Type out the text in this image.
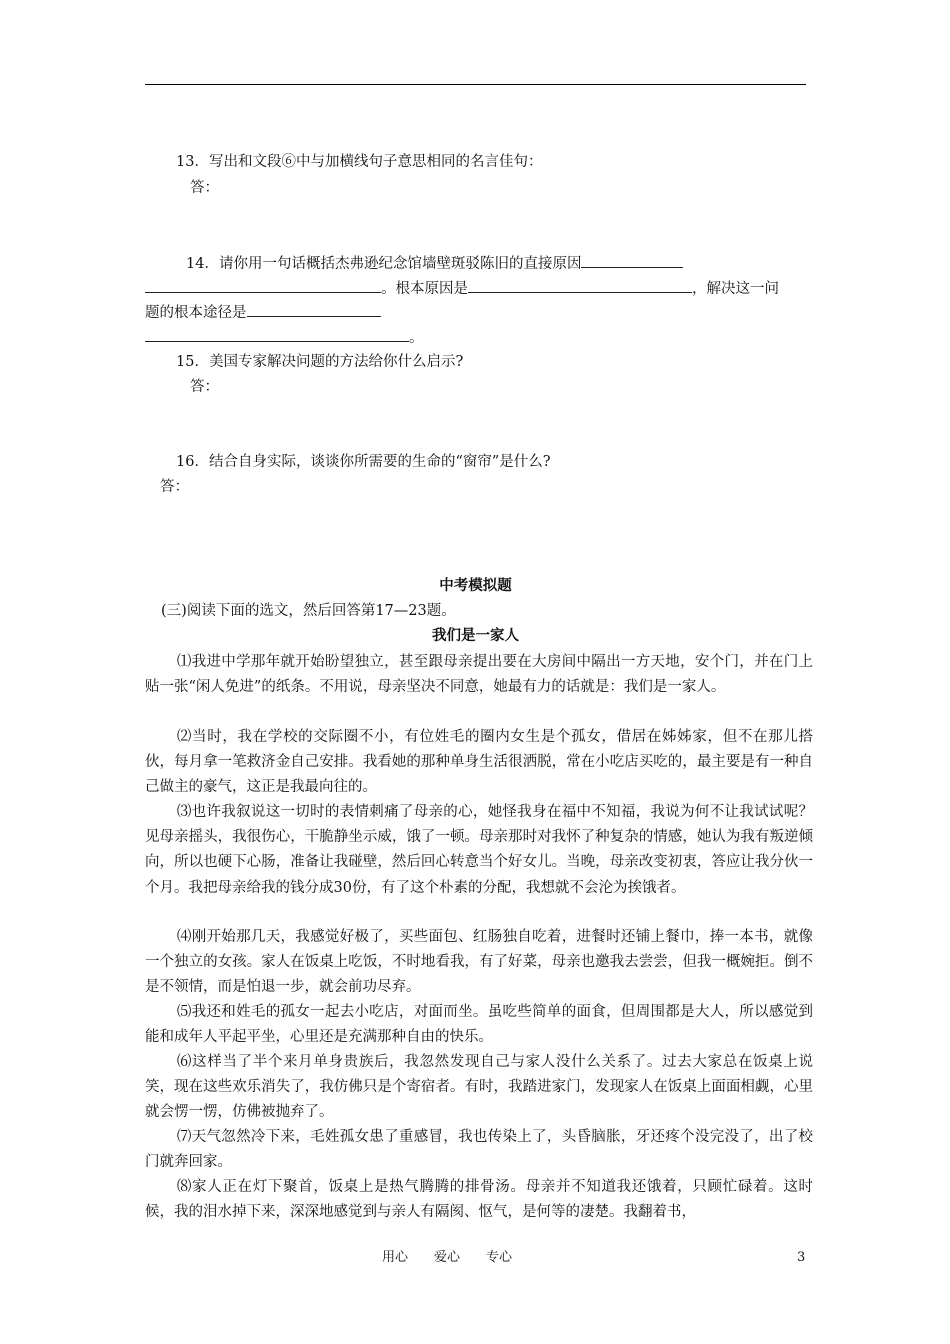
13．写出和文段⑥中与加横线句子意思相同的名言佳句：
答：
14．请你用一句话概括杰弗逊纪念馆墙壁斑驳陈旧的直接原因
。根本原因是	，解决这一问
题的根本途径是
。
15．美国专家解决问题的方法给你什么启示?
答：
16．结合自身实际，谈谈你所需要的生命的“窗帘”是什么?
答：
中考模拟题
(三)阅读下面的选文，然后回答第17—23题。
我们是一家人
⑴我进中学那年就开始盼望独立，甚至跟母亲提出要在大房间中隔出一方天地，安个门，并在门上贴一张“闲人免进”的纸条。不用说，母亲坚决不同意，她最有力的话就是：我们是一家人。
⑵当时，我在学校的交际圈不小，有位姓毛的圈内女生是个孤女，借居在姊姊家，但不在那儿搭伙，每月拿一笔救济金自己安排。我看她的那种单身生活很洒脱，常在小吃店买吃的，最主要是有一种自己做主的豪气，这正是我最向往的。
⑶也许我叙说这一切时的表情刺痛了母亲的心，她怪我身在福中不知福，我说为何不让我试试呢？见母亲摇头，我很伤心，干脆静坐示威，饿了一顿。母亲那时对我怀了种复杂的情感，她认为我有叛逆倾向，所以也硬下心肠，准备让我碰壁，然后回心转意当个好女儿。当晚，母亲改变初衷，答应让我分伙一个月。我把母亲给我的钱分成30份，有了这个朴素的分配，我想就不会沦为挨饿者。
⑷刚开始那几天，我感觉好极了，买些面包、红肠独自吃着，进餐时还铺上餐巾，捧一本书，就像一个独立的女孩。家人在饭桌上吃饭，不时地看我，有了好菜，母亲也邀我去尝尝，但我一概婉拒。倒不是不领情，而是怕退一步，就会前功尽弃。
⑸我还和姓毛的孤女一起去小吃店，对面而坐。虽吃些简单的面食，但周围都是大人，所以感觉到能和成年人平起平坐，心里还是充满那种自由的快乐。
⑹这样当了半个来月单身贵族后，我忽然发现自己与家人没什么关系了。过去大家总在饭桌上说笑，现在这些欢乐消失了，我仿佛只是个寄宿者。有时，我踏进家门，发现家人在饭桌上面面相觑，心里就会愣一愣，仿佛被抛弃了。
⑺天气忽然冷下来，毛姓孤女患了重感冒，我也传染上了，头昏脑胀，牙还疼个没完没了，出了校门就奔回家。
⑻家人正在灯下聚首，饭桌上是热气腾腾的排骨汤。母亲并不知道我还饿着，只顾忙碌着。这时候，我的泪水掉下来，深深地感觉到与亲人有隔阂、怄气，是何等的凄楚。我翻着书，
用心　　爱心　　专心	3
